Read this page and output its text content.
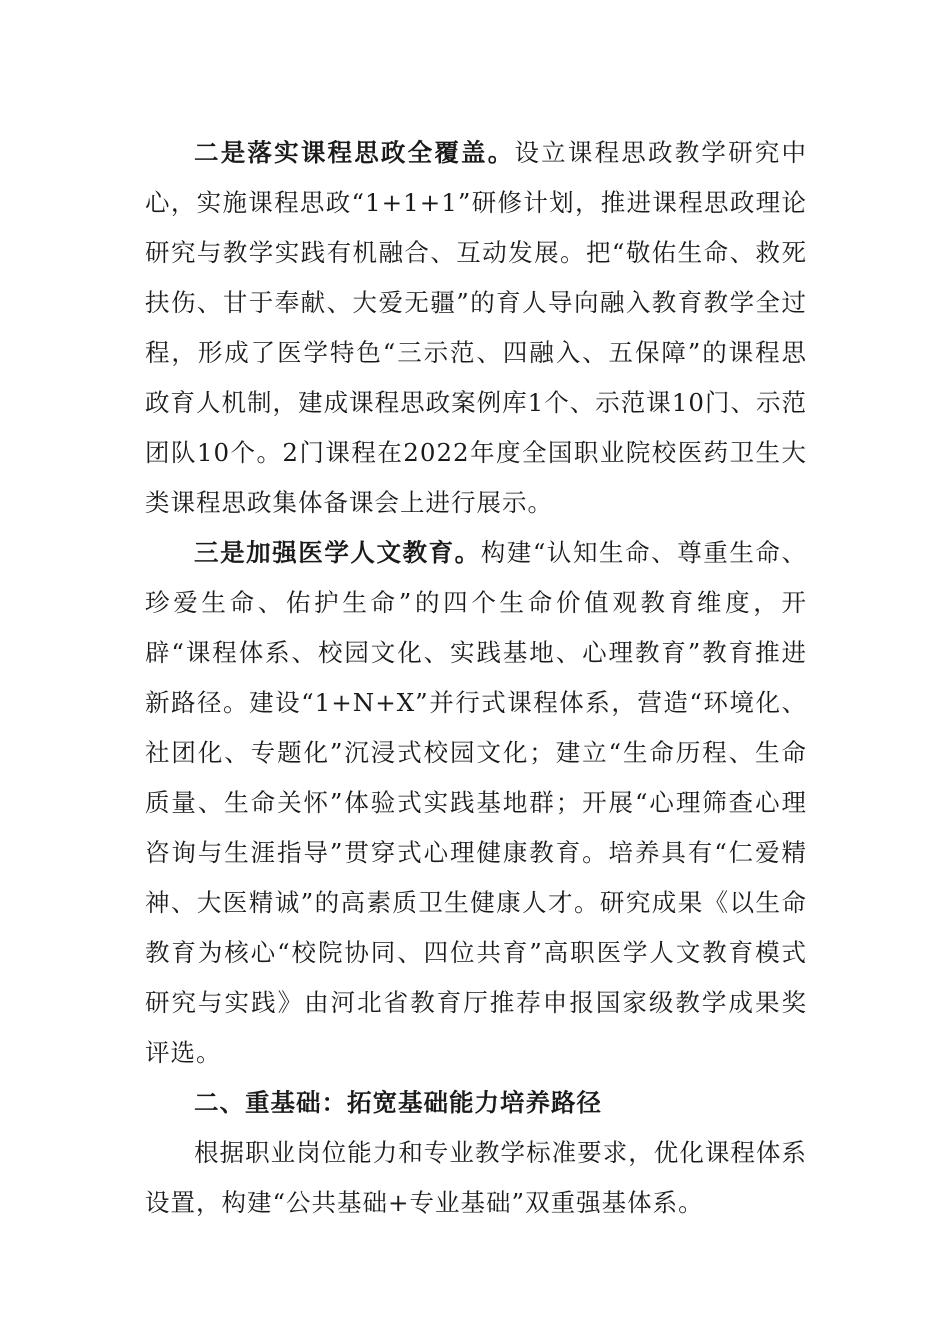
二是落实课程思政全覆盖。设立课程思政教学研究中心，实施课程思政“1+1+1”研修计划，推进课程思政理论研究与教学实践有机融合、互动发展。把“敬佑生命、救死扶伤、甘于奉献、大爱无疆”的育人导向融入教育教学全过程，形成了医学特色“三示范、四融入、五保障”的课程思政育人机制，建成课程思政案例库1个、示范课10门、示范团队10个。2门课程在2022年度全国职业院校医药卫生大类课程思政集体备课会上进行展示。

三是加强医学人文教育。构建“认知生命、尊重生命、珍爱生命、佑护生命”的四个生命价值观教育维度，开辟“课程体系、校园文化、实践基地、心理教育”教育推进新路径。建设“1+N+X”并行式课程体系，营造“环境化、社团化、专题化”沉浸式校园文化；建立“生命历程、生命质量、生命关怀”体验式实践基地群；开展“心理筛查心理咨询与生涯指导”贯穿式心理健康教育。培养具有“仁爱精神、大医精诚”的高素质卫生健康人才。研究成果《以生命教育为核心“校院协同、四位共育”高职医学人文教育模式研究与实践》由河北省教育厅推荐申报国家级教学成果奖评选。

二、重基础：拓宽基础能力培养路径

根据职业岗位能力和专业教学标准要求，优化课程体系设置，构建“公共基础+专业基础”双重强基体系。
